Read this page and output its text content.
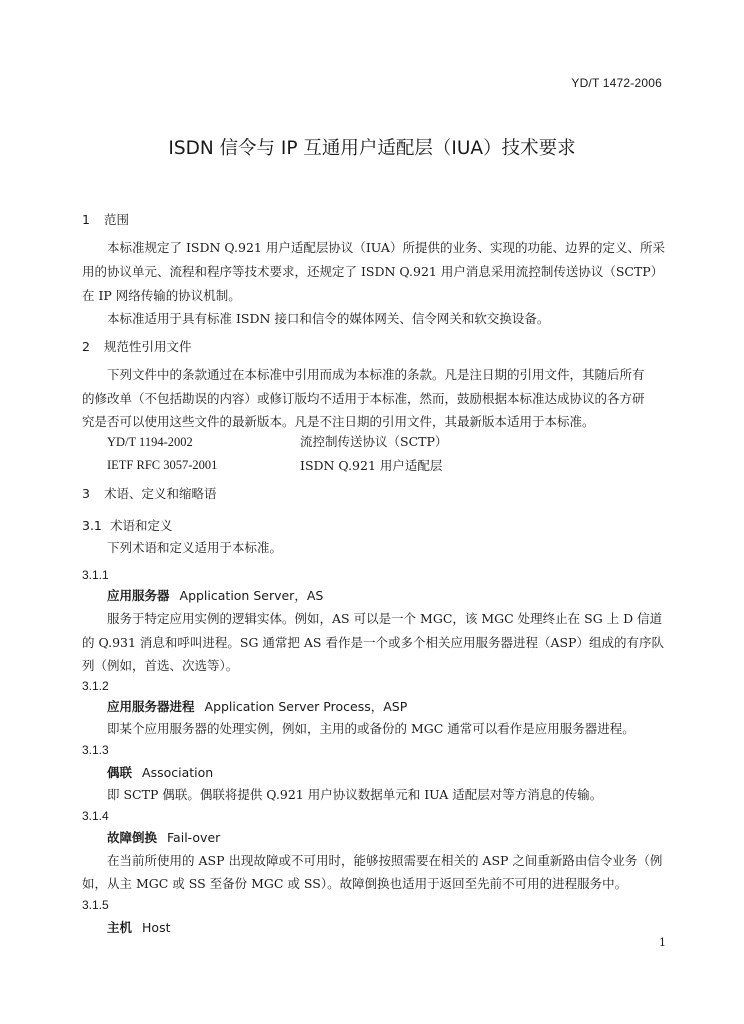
YD/T 1472-2006
ISDN 信令与 IP 互通用户适配层（IUA）技术要求
1 范围
本标准规定了 ISDN Q.921 用户适配层协议（IUA）所提供的业务、实现的功能、边界的定义、所采
用的协议单元、流程和程序等技术要求，还规定了 ISDN Q.921 用户消息采用流控制传送协议（SCTP）
在 IP 网络传输的协议机制。
本标准适用于具有标准 ISDN 接口和信令的媒体网关、信令网关和软交换设备。
2 规范性引用文件
下列文件中的条款通过在本标准中引用而成为本标准的条款。凡是注日期的引用文件，其随后所有
的修改单（不包括勘误的内容）或修订版均不适用于本标准，然而，鼓励根据本标准达成协议的各方研
究是否可以使用这些文件的最新版本。凡是不注日期的引用文件，其最新版本适用于本标准。
YD/T 1194-2002	流控制传送协议（SCTP）
IETF RFC 3057-2001	ISDN Q.921 用户适配层
3 术语、定义和缩略语
3.1 术语和定义
下列术语和定义适用于本标准。
3.1.1
应用服务器 Application Server，AS
服务于特定应用实例的逻辑实体。例如，AS 可以是一个 MGC，该 MGC 处理终止在 SG 上 D 信道
的 Q.931 消息和呼叫进程。SG 通常把 AS 看作是一个或多个相关应用服务器进程（ASP）组成的有序队
列（例如，首选、次选等）。
3.1.2
应用服务器进程 Application Server Process，ASP
即某个应用服务器的处理实例，例如，主用的或备份的 MGC 通常可以看作是应用服务器进程。
3.1.3
偶联 Association
即 SCTP 偶联。偶联将提供 Q.921 用户协议数据单元和 IUA 适配层对等方消息的传输。
3.1.4
故障倒换 Fail-over
在当前所使用的 ASP 出现故障或不可用时，能够按照需要在相关的 ASP 之间重新路由信令业务（例
如，从主 MGC 或 SS 至备份 MGC 或 SS）。故障倒换也适用于返回至先前不可用的进程服务中。
3.1.5
主机 Host
1
